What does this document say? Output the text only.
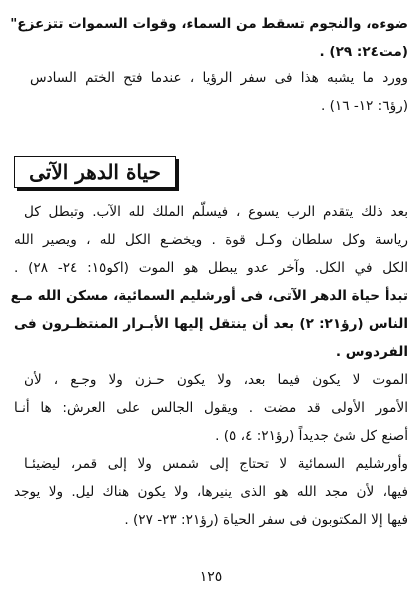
ضوءه، والنجوم تسقط من السماء، وقوات السموات تتزعزع"
(مت٢٤: ٢٩) .
وورد ما يشبه هذا فى سفر الرؤيا ، عندما فتح الختم السادس
(رؤ٦: ١٢- ١٦) .
حياة الدهر الآتى
بعد ذلك يتقدم الرب يسوع ، فيسلّم الملك لله الآب. وتبطل كل
رياسة وكل سلطان وكـل قوة . ويخضـع الكل لله ، ويصير الله
الكل في الكل. وآخر عدو يبطل هو الموت (اكو١٥: ٢٤- ٢٨) .
تبدأ حياة الدهر الآتى، فى أورشليم السمائية، مسكن الله مـع
الناس (رؤ٢١: ٢) بعد أن ينتقل إليها الأبـرار المنتظـرون فى
الفردوس .
الموت لا يكون فيما بعد، ولا يكون حـزن ولا وجـع ، لأن
الأمور الأولى قد مضت . ويقول الجالس على العرش: ها أنـا
أصنع كل شئ جديداً (رؤ٢١: ٤، ٥) .
وأورشليم السمائية لا تحتاج إلى شمس ولا إلى قمر، ليضيئـا
فيها، لأن مجد الله هو الذى ينيرها، ولا يكون هناك ليل. ولا يوجد
فيها إلا المكتوبون فى سفر الحياة (رؤ٢١: ٢٣- ٢٧) .
١٢٥
